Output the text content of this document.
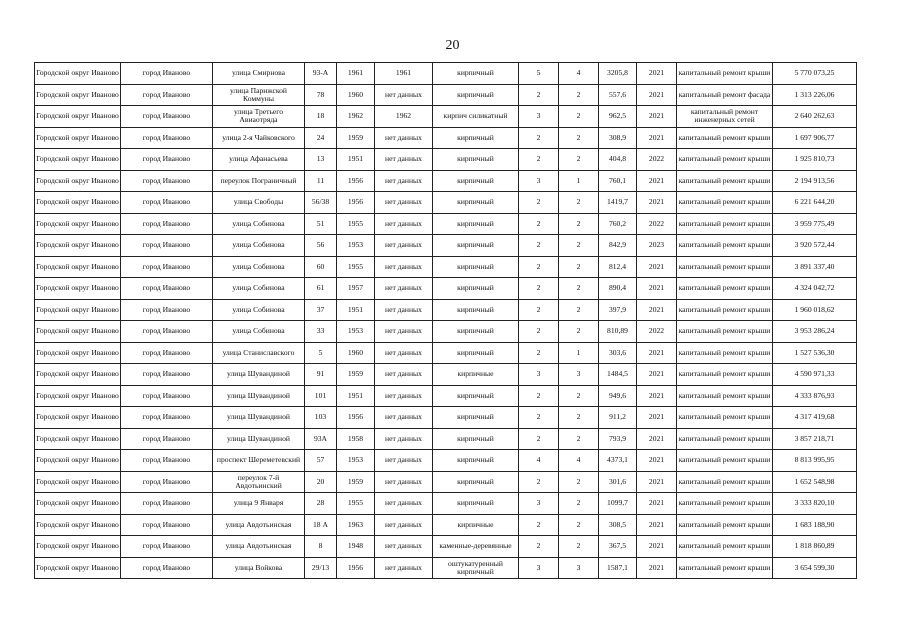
20
Городской округ Иваново	город Иваново	улица Смирнова	93-А	1961	1961	кирпичный	5	4	3205,8	2021	капитальный ремонт крыши	5 770 073,25
Городской округ Иваново	город Иваново	улица Парижской Коммуны	78	1960	нет данных	кирпичный	2	2	557,6	2021	капитальный ремонт фасада	1 313 226,06
Городской округ Иваново	город Иваново	улица Третьего Авиаотряда	18	1962	1962	кирпич силикатный	3	2	962,5	2021	капитальный ремонт инженерных сетей	2 640 262,63
Городской округ Иваново	город Иваново	улица 2-я Чайковского	24	1959	нет данных	кирпичный	2	2	308,9	2021	капитальный ремонт крыши	1 697 906,77
Городской округ Иваново	город Иваново	улица Афанасьева	13	1951	нет данных	кирпичный	2	2	404,8	2022	капитальный ремонт крыши	1 925 810,73
Городской округ Иваново	город Иваново	переулок Пограничный	11	1956	нет данных	кирпичный	3	1	760,1	2021	капитальный ремонт крыши	2 194 913,56
Городской округ Иваново	город Иваново	улица Свободы	56/38	1956	нет данных	кирпичный	2	2	1419,7	2021	капитальный ремонт крыши	6 221 644,20
Городской округ Иваново	город Иваново	улица Собинова	51	1955	нет данных	кирпичный	2	2	760,2	2022	капитальный ремонт крыши	3 959 775,49
Городской округ Иваново	город Иваново	улица Собинова	56	1953	нет данных	кирпичный	2	2	842,9	2023	капитальный ремонт крыши	3 920 572,44
Городской округ Иваново	город Иваново	улица Собинова	60	1955	нет данных	кирпичный	2	2	812,4	2021	капитальный ремонт крыши	3 891 337,40
Городской округ Иваново	город Иваново	улица Собинова	61	1957	нет данных	кирпичный	2	2	890,4	2021	капитальный ремонт крыши	4 324 042,72
Городской округ Иваново	город Иваново	улица Собинова	37	1951	нет данных	кирпичный	2	2	397,9	2021	капитальный ремонт крыши	1 960 018,62
Городской округ Иваново	город Иваново	улица Собинова	33	1953	нет данных	кирпичный	2	2	810,89	2022	капитальный ремонт крыши	3 953 286,24
Городской округ Иваново	город Иваново	улица Станиславского	5	1960	нет данных	кирпичный	2	1	303,6	2021	капитальный ремонт крыши	1 527 536,30
Городской округ Иваново	город Иваново	улица Шувандиной	91	1959	нет данных	кирпичные	3	3	1484,5	2021	капитальный ремонт крыши	4 590 971,33
Городской округ Иваново	город Иваново	улица Шувандиной	101	1951	нет данных	кирпичный	2	2	949,6	2021	капитальный ремонт крыши	4 333 876,93
Городской округ Иваново	город Иваново	улица Шувандиной	103	1956	нет данных	кирпичный	2	2	911,2	2021	капитальный ремонт крыши	4 317 419,68
Городской округ Иваново	город Иваново	улица Шувандиной	93А	1958	нет данных	кирпичный	2	2	793,9	2021	капитальный ремонт крыши	3 857 218,71
Городской округ Иваново	город Иваново	проспект Шереметевский	57	1953	нет данных	кирпичный	4	4	4373,1	2021	капитальный ремонт крыши	8 813 995,95
Городской округ Иваново	город Иваново	переулок 7-й Авдотьинский	20	1959	нет данных	кирпичный	2	2	301,6	2021	капитальный ремонт крыши	1 652 548,98
Городской округ Иваново	город Иваново	улица 9 Января	28	1955	нет данных	кирпичный	3	2	1099,7	2021	капитальный ремонт крыши	3 333 820,10
Городской округ Иваново	город Иваново	улица Авдотьинская	18 А	1963	нет данных	кирпичные	2	2	308,5	2021	капитальный ремонт крыши	1 683 188,90
Городской округ Иваново	город Иваново	улица Авдотьинская	8	1948	нет данных	каменные-деревянные	2	2	367,5	2021	капитальный ремонт крыши	1 818 860,89
Городской округ Иваново	город Иваново	улица Войкова	29/13	1956	нет данных	оштукатуренный кирпичный	3	3	1587,1	2021	капитальный ремонт крыши	3 654 599,30
